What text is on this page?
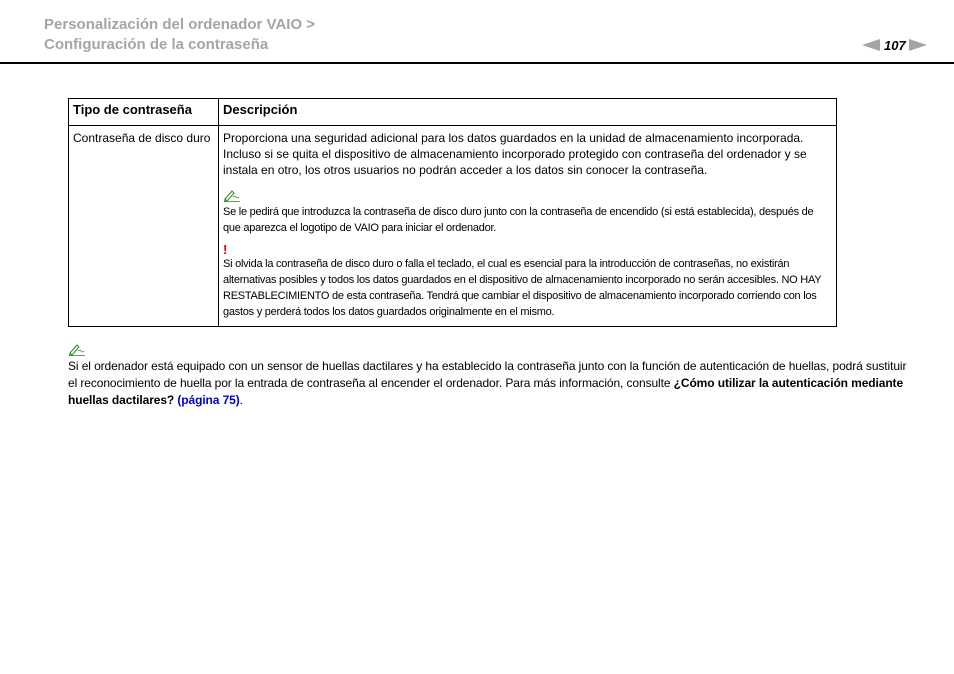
Personalización del ordenador VAIO >
Configuración de la contraseña	107
Tipo de contraseña	Descripción
Contraseña de disco duro	Proporciona una seguridad adicional para los datos guardados en la unidad de almacenamiento incorporada. Incluso si se quita el dispositivo de almacenamiento incorporado protegido con contraseña del ordenador y se instala en otro, los otros usuarios no podrán acceder a los datos sin conocer la contraseña.
Se le pedirá que introduzca la contraseña de disco duro junto con la contraseña de encendido (si está establecida), después de que aparezca el logotipo de VAIO para iniciar el ordenador.
!
Si olvida la contraseña de disco duro o falla el teclado, el cual es esencial para la introducción de contraseñas, no existirán alternativas posibles y todos los datos guardados en el dispositivo de almacenamiento incorporado no serán accesibles. NO HAY RESTABLECIMIENTO de esta contraseña. Tendrá que cambiar el dispositivo de almacenamiento incorporado corriendo con los gastos y perderá todos los datos guardados originalmente en el mismo.

Si el ordenador está equipado con un sensor de huellas dactilares y ha establecido la contraseña junto con la función de autenticación de huellas, podrá sustituir el reconocimiento de huella por la entrada de contraseña al encender el ordenador. Para más información, consulte ¿Cómo utilizar la autenticación mediante huellas dactilares? (página 75).
